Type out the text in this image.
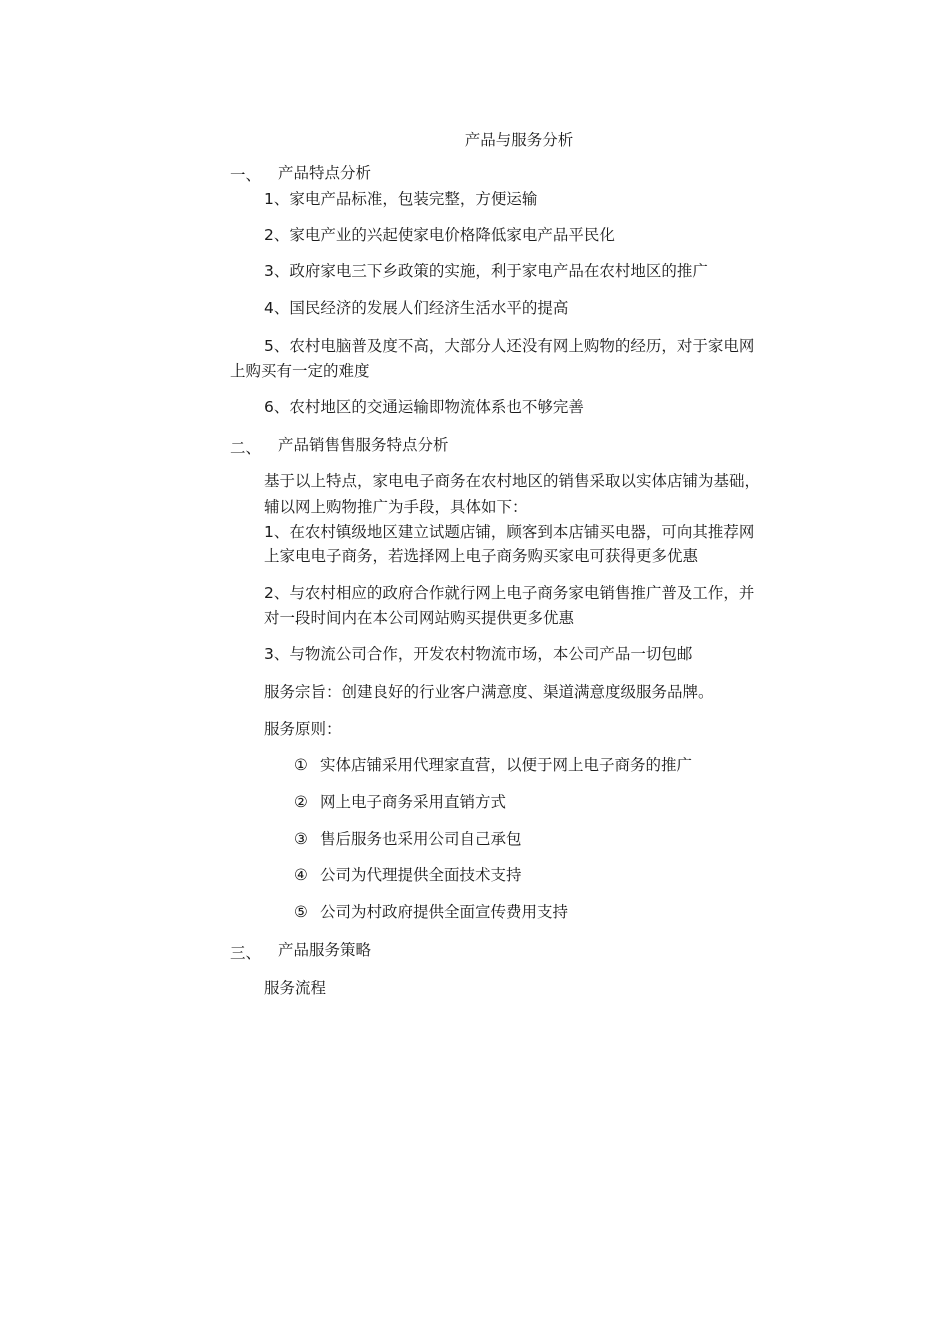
产品与服务分析
一、 产品特点分析
1、家电产品标准，包装完整，方便运输
2、家电产业的兴起使家电价格降低家电产品平民化
3、政府家电三下乡政策的实施，利于家电产品在农村地区的推广
4、国民经济的发展人们经济生活水平的提高
5、农村电脑普及度不高，大部分人还没有网上购物的经历，对于家电网
上购买有一定的难度
6、农村地区的交通运输即物流体系也不够完善
二、 产品销售售服务特点分析
基于以上特点，家电电子商务在农村地区的销售采取以实体店铺为基础，
辅以网上购物推广为手段，具体如下：
1、在农村镇级地区建立试题店铺，顾客到本店铺买电器，可向其推荐网
上家电电子商务，若选择网上电子商务购买家电可获得更多优惠
2、与农村相应的政府合作就行网上电子商务家电销售推广普及工作，并
对一段时间内在本公司网站购买提供更多优惠
3、与物流公司合作，开发农村物流市场，本公司产品一切包邮
服务宗旨：创建良好的行业客户满意度、渠道满意度级服务品牌。
服务原则：
① 实体店铺采用代理家直营，以便于网上电子商务的推广
② 网上电子商务采用直销方式
③ 售后服务也采用公司自己承包
④ 公司为代理提供全面技术支持
⑤ 公司为村政府提供全面宣传费用支持
三、 产品服务策略
服务流程
